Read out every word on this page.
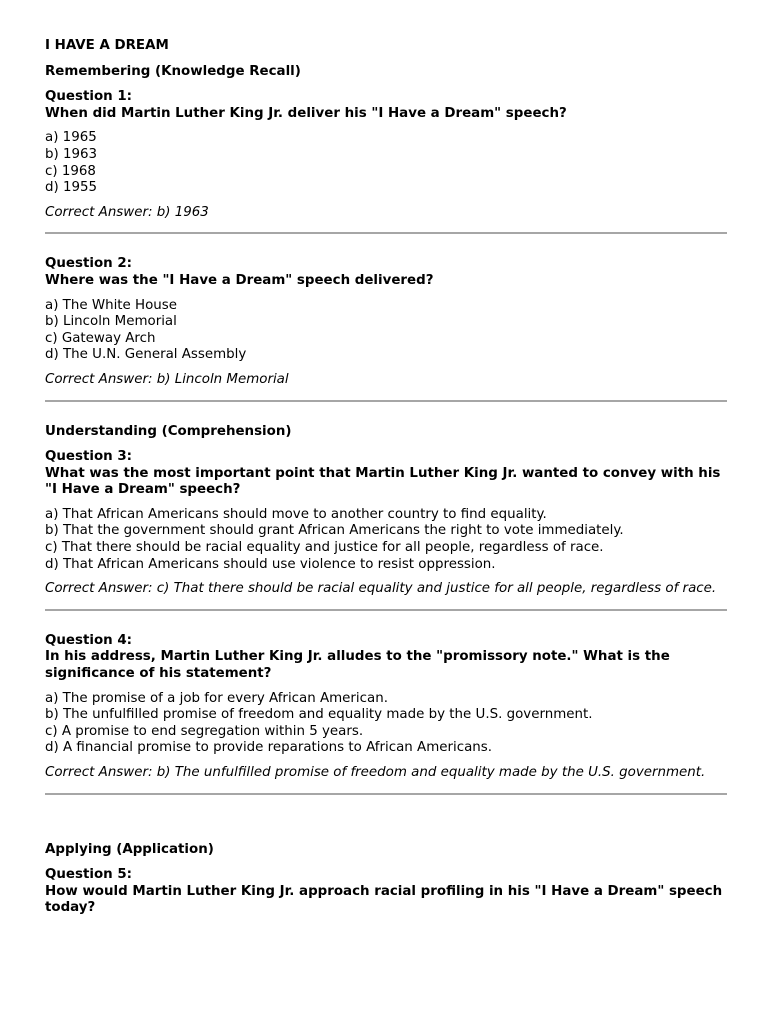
I HAVE A DREAM

Remembering (Knowledge Recall)

Question 1:

When did Martin Luther King Jr. deliver his "I Have a Dream" speech?

a) 1965
b) 1963
c) 1968
d) 1955

Correct Answer: b) 1963

Question 2:

Where was the "I Have a Dream" speech delivered?

a) The White House
b) Lincoln Memorial
c) Gateway Arch
d) The U.N. General Assembly

Correct Answer: b) Lincoln Memorial

Understanding (Comprehension)

Question 3:

What was the most important point that Martin Luther King Jr. wanted to convey with his "I Have a Dream" speech?

a) That African Americans should move to another country to find equality.
b) That the government should grant African Americans the right to vote immediately.
c) That there should be racial equality and justice for all people, regardless of race.
d) That African Americans should use violence to resist oppression.

Correct Answer: c) That there should be racial equality and justice for all people, regardless of race.

Question 4:

In his address, Martin Luther King Jr. alludes to the "promissory note." What is the significance of his statement?

a) The promise of a job for every African American.
b) The unfulfilled promise of freedom and equality made by the U.S. government.
c) A promise to end segregation within 5 years.
d) A financial promise to provide reparations to African Americans.

Correct Answer: b) The unfulfilled promise of freedom and equality made by the U.S. government.

Applying (Application)

Question 5:

How would Martin Luther King Jr. approach racial profiling in his "I Have a Dream" speech today?
